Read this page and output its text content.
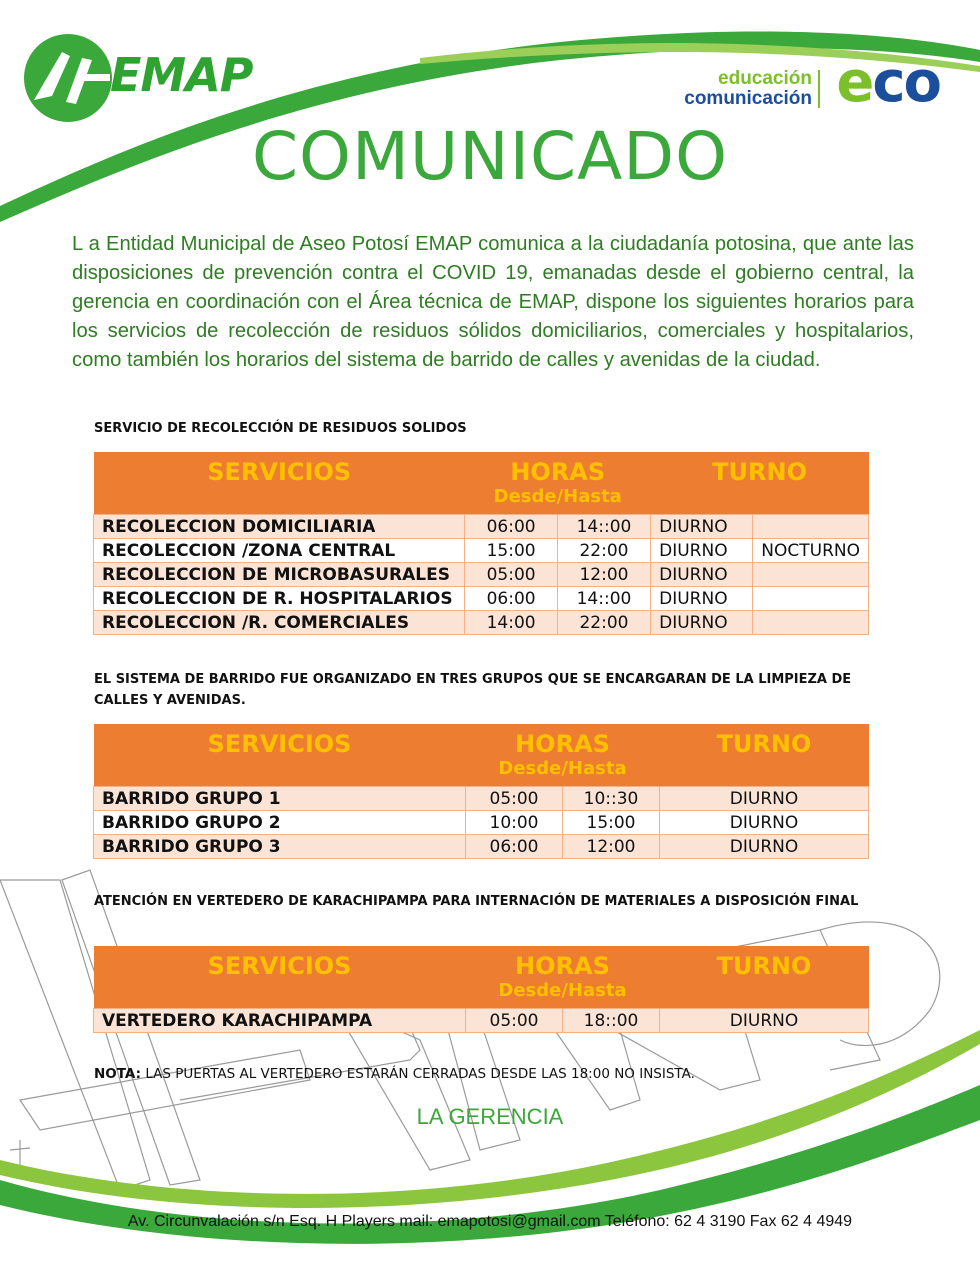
EMAP	educación
comunicación eco
COMUNICADO
L a Entidad Municipal de Aseo Potosí EMAP comunica a la ciudadanía potosina, que ante las disposiciones de prevención contra el COVID 19, emanadas desde el gobierno central, la gerencia en coordinación con el Área técnica de EMAP, dispone los siguientes horarios para los servicios de recolección de residuos sólidos domiciliarios, comerciales y hospitalarios, como también los horarios del sistema de barrido de calles y avenidas de la ciudad.
SERVICIO DE RECOLECCIÓN DE RESIDUOS SOLIDOS
SERVICIOS	HORAS		TURNO	
	Desde/Hasta			
RECOLECCION DOMICILIARIA	06:00	14::00	DIURNO	
RECOLECCION /ZONA CENTRAL	15:00	22:00	DIURNO	NOCTURNO
RECOLECCION DE MICROBASURALES	05:00	12:00	DIURNO	
RECOLECCION DE R. HOSPITALARIOS	06:00	14::00	DIURNO	
RECOLECCION /R. COMERCIALES	14:00	22:00	DIURNO	
EL SISTEMA DE BARRIDO FUE ORGANIZADO EN TRES GRUPOS QUE SE ENCARGARAN DE LA LIMPIEZA DE CALLES Y AVENIDAS.
SERVICIOS	HORAS		TURNO
	Desde/Hasta		
BARRIDO GRUPO 1	05:00	10::30	DIURNO
BARRIDO GRUPO 2	10:00	15:00	DIURNO
BARRIDO GRUPO 3	06:00	12:00	DIURNO
ATENCIÓN EN VERTEDERO DE KARACHIPAMPA PARA INTERNACIÓN DE MATERIALES A DISPOSICIÓN FINAL
SERVICIOS	HORAS		TURNO
	Desde/Hasta		
VERTEDERO KARACHIPAMPA	05:00	18::00	DIURNO
NOTA: LAS PUERTAS AL VERTEDERO ESTARÁN CERRADAS DESDE LAS 18:00 NO INSISTA.
LA GERENCIA
Av. Circunvalación s/n Esq. H Players mail: emapotosi@gmail.com Teléfono: 62 4 3190 Fax 62 4 4949
